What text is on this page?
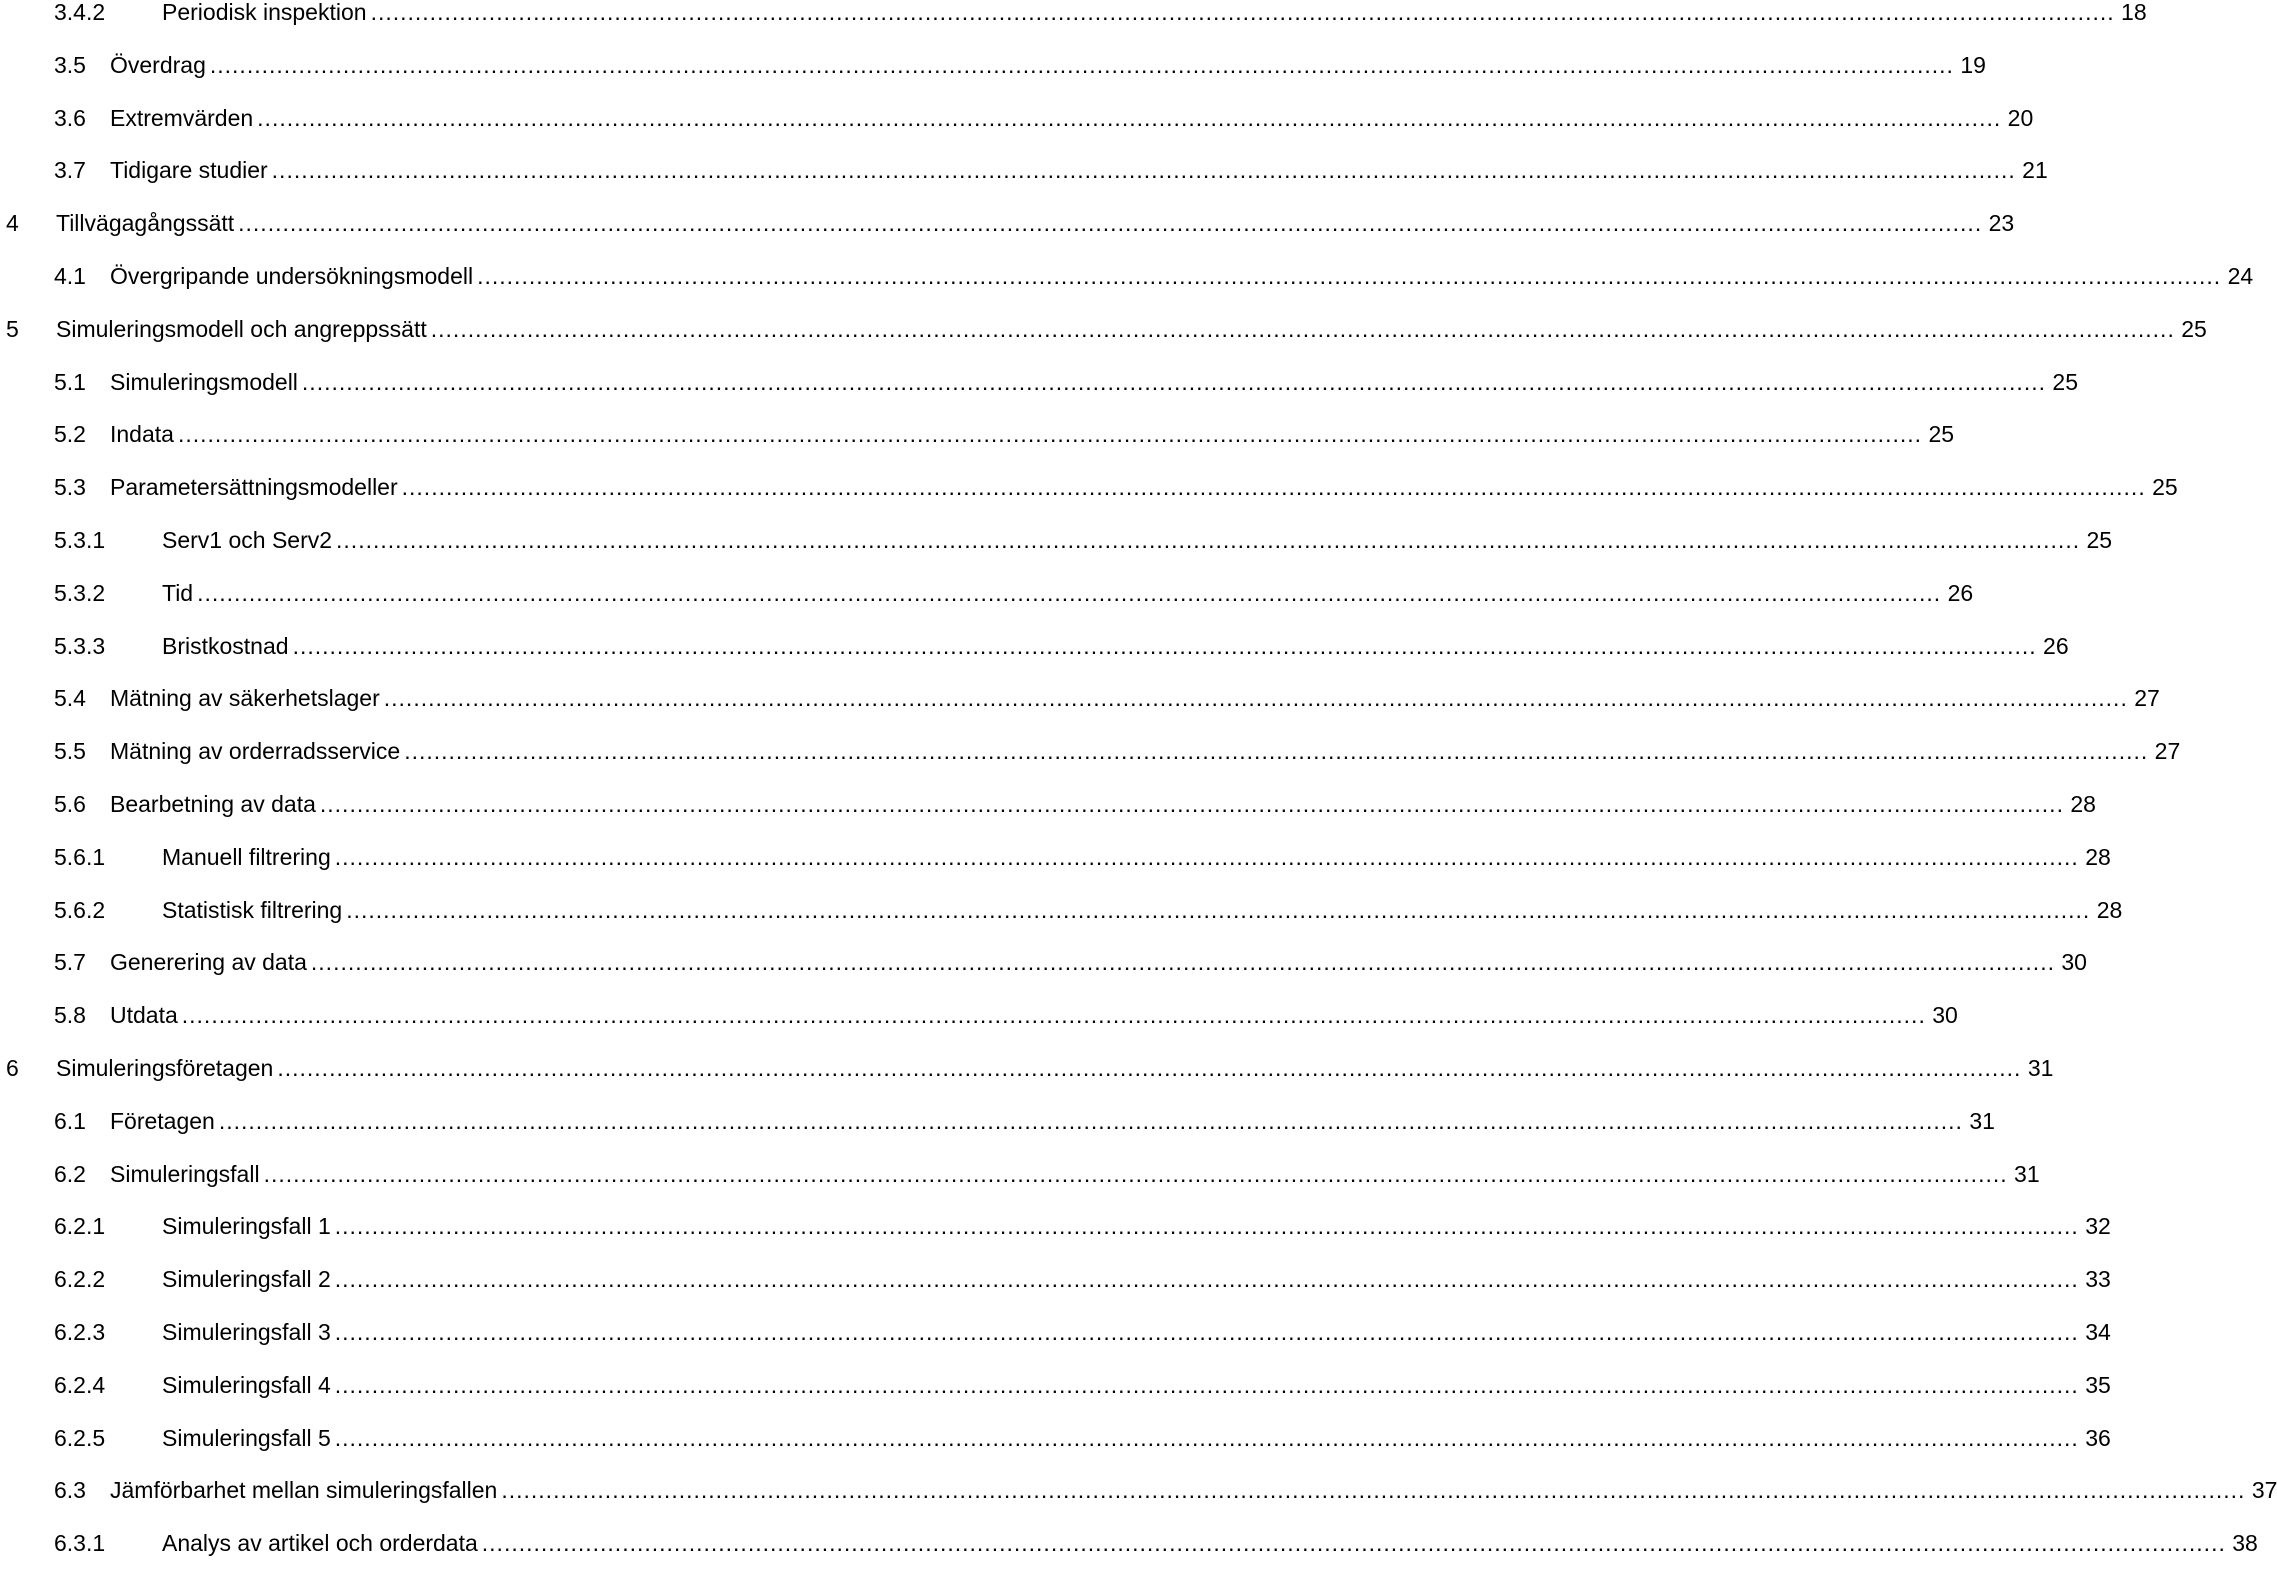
3.4.2	Periodisk inspektion ............................................................................................................................................................................................................................................ 18
3.5	Överdrag ............................................................................................................................................................................................................................................ 19
3.6	Extremvärden ............................................................................................................................................................................................................................................ 20
3.7	Tidigare studier ............................................................................................................................................................................................................................................ 21
4	Tillvägagångssätt ............................................................................................................................................................................................................................................ 23
4.1	Övergripande undersökningsmodell ............................................................................................................................................................................................................................................ 24
5	Simuleringsmodell och angreppssätt ............................................................................................................................................................................................................................................ 25
5.1	Simuleringsmodell ............................................................................................................................................................................................................................................ 25
5.2	Indata ............................................................................................................................................................................................................................................ 25
5.3	Parametersättningsmodeller ............................................................................................................................................................................................................................................ 25
5.3.1	Serv1 och Serv2 ............................................................................................................................................................................................................................................ 25
5.3.2	Tid ............................................................................................................................................................................................................................................ 26
5.3.3	Bristkostnad ............................................................................................................................................................................................................................................ 26
5.4	Mätning av säkerhetslager ............................................................................................................................................................................................................................................ 27
5.5	Mätning av orderradsservice ............................................................................................................................................................................................................................................ 27
5.6	Bearbetning av data ............................................................................................................................................................................................................................................ 28
5.6.1	Manuell filtrering ............................................................................................................................................................................................................................................ 28
5.6.2	Statistisk filtrering ............................................................................................................................................................................................................................................ 28
5.7	Generering av data ............................................................................................................................................................................................................................................ 30
5.8	Utdata ............................................................................................................................................................................................................................................ 30
6	Simuleringsföretagen ............................................................................................................................................................................................................................................ 31
6.1	Företagen ............................................................................................................................................................................................................................................ 31
6.2	Simuleringsfall ............................................................................................................................................................................................................................................ 31
6.2.1	Simuleringsfall 1 ............................................................................................................................................................................................................................................ 32
6.2.2	Simuleringsfall 2 ............................................................................................................................................................................................................................................ 33
6.2.3	Simuleringsfall 3 ............................................................................................................................................................................................................................................ 34
6.2.4	Simuleringsfall 4 ............................................................................................................................................................................................................................................ 35
6.2.5	Simuleringsfall 5 ............................................................................................................................................................................................................................................ 36
6.3	Jämförbarhet mellan simuleringsfallen ............................................................................................................................................................................................................................................ 37
6.3.1	Analys av artikel och orderdata ............................................................................................................................................................................................................................................ 38
